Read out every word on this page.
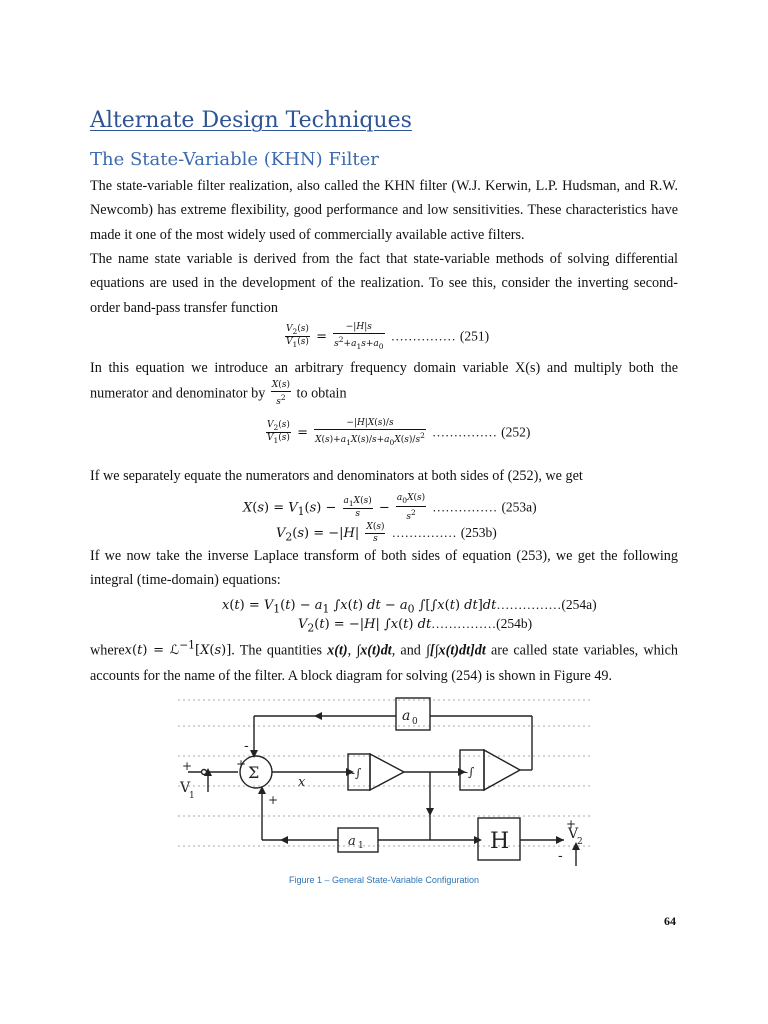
Alternate Design Techniques
The State-Variable (KHN) Filter

The state-variable filter realization, also called the KHN filter (W.J. Kerwin, L.P. Hudsman, and R.W. Newcomb) has extreme flexibility, good performance and low sensitivities. These characteristics have made it one of the most widely used of commercially available active filters.

The name state variable is derived from the fact that state-variable methods of solving differential equations are used in the development of the realization. To see this, consider the inverting second-order band-pass transfer function

$\frac{V_2(s)}{V_1(s)} = \frac{-|H|s}{s^2+a_1s+a_0}$ …………… (251)

In this equation we introduce an arbitrary frequency domain variable X(s) and multiply both the numerator and denominator by $\frac{X(s)}{s^2}$ to obtain

$\frac{V_2(s)}{V_1(s)} = \frac{-|H|X(s)/s}{X(s)+a_1X(s)/s+a_0X(s)/s^2}$ …………… (252)

If we separately equate the numerators and denominators at both sides of (252), we get

$X(s) = V_1(s) - \frac{a_1X(s)}{s} - \frac{a_0X(s)}{s^2}$ …………… (253a)
$V_2(s) = -|H| \frac{X(s)}{s}$ …………… (253b)

If we now take the inverse Laplace transform of both sides of equation (253), we get the following integral (time-domain) equations:

$x(t) = V_1(t) - a_1$ ∫x(t) dt − $a_0$ ∫[∫x(t) dt]dt……………(254a)
$V_2(t) = -|H|$ ∫x(t) dt……………(254b)

wherex(t) = ℒ$^{-1}$[X(s)]. The quantities x(t), ∫x(t)dt, and ∫[∫x(t)dt]dt are called state variables, which accounts for the name of the filter. A block diagram for solving (254) is shown in Figure 49.

Σ
a 0
a 1	H
x
-∫	-∫
V
1
V
2
+	+
-
+
+
-
Figure 1 – General State-Variable Configuration
64
